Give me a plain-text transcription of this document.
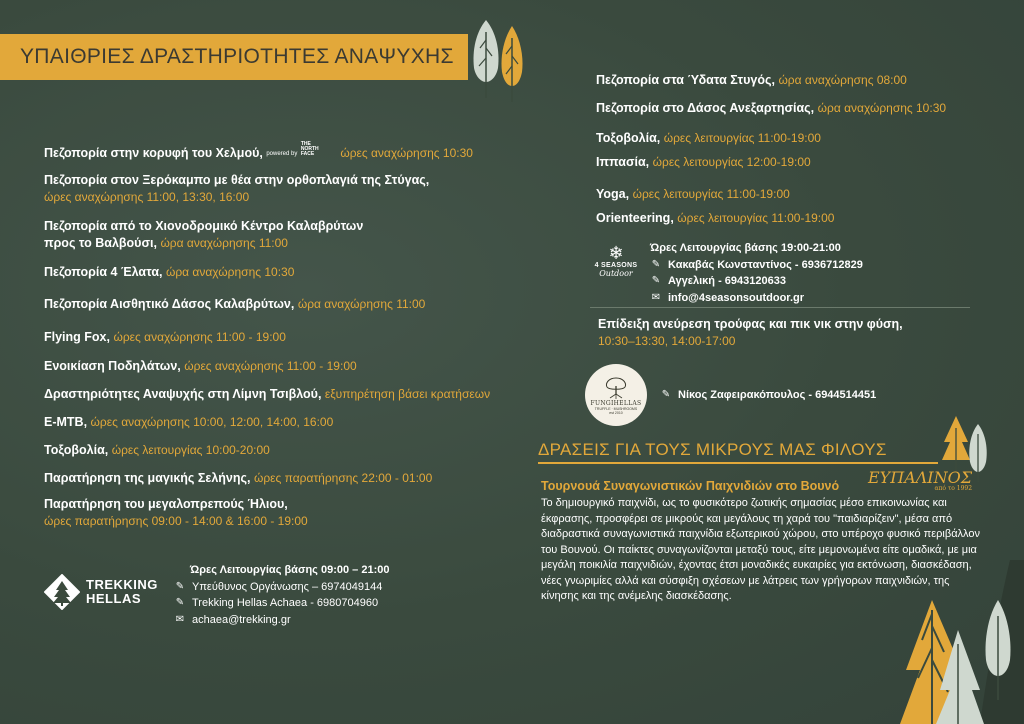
ΥΠΑΙΘΡΙΕΣ ΔΡΑΣΤΗΡΙΟΤΗΤΕΣ ΑΝΑΨΥΧΗΣ
Πεζοπορία στην κορυφή του Χελμού, powered by THE NORTH FACE ώρες αναχώρησης 10:30
Πεζοπορία στον Ξερόκαμπο με θέα στην ορθοπλαγιά της Στύγας,
ώρες αναχώρησης 11:00, 13:30, 16:00
Πεζοπορία από το Χιονοδρομικό Κέντρο Καλαβρύτων
προς το Βαλβούσι, ώρα αναχώρησης 11:00
Πεζοπορία 4 Έλατα, ώρα αναχώρησης 10:30
Πεζοπορία Αισθητικό Δάσος Καλαβρύτων, ώρα αναχώρησης 11:00
Flying Fox, ώρες αναχώρησης 11:00 - 19:00
Ενοικίαση Ποδηλάτων, ώρες αναχώρησης 11:00 - 19:00
Δραστηριότητες Αναψυχής στη Λίμνη Τσιβλού, εξυπηρέτηση βάσει κρατήσεων
E-MTB, ώρες αναχώρησης 10:00, 12:00, 14:00, 16:00
Τοξοβολία, ώρες λειτουργίας 10:00-20:00
Παρατήρηση της μαγικής Σελήνης, ώρες παρατήρησης 22:00 - 01:00
Παρατήρηση του μεγαλοπρεπούς Ήλιου,
ώρες παρατήρησης 09:00 - 14:00 & 16:00 - 19:00
TREKKING
HELLAS
Ώρες Λειτουργίας βάσης 09:00 – 21:00
✎ Υπεύθυνος Οργάνωσης – 6974049144
✎ Trekking Hellas Achaea - 6980704960
✉ achaea@trekking.gr
Πεζοπορία στα Ύδατα Στυγός, ώρα αναχώρησης 08:00
Πεζοπορία στο Δάσος Ανεξαρτησίας, ώρα αναχώρησης 10:30
Τοξοβολία, ώρες λειτουργίας 11:00-19:00
Ιππασία, ώρες λειτουργίας 12:00-19:00
Yoga, ώρες λειτουργίας 11:00-19:00
Orienteering, ώρες λειτουργίας 11:00-19:00
❄
4 SEASONS
Outdoor
Ώρες Λειτουργίας βάσης 19:00-21:00
✎ Κακαβάς Κωνσταντίνος - 6936712829
✎ Αγγελική - 6943120633
✉ info@4seasonsoutdoor.gr
Επίδειξη ανεύρεση τρούφας και πικ νικ στην φύση,
10:30–13:30, 14:00-17:00
FUNGIHELLAS
TRUFFLE · MUSHROOMS
est 2010
✎ Νίκος Ζαφειρακόπουλος - 6944514451
ΔΡΑΣΕΙΣ ΓΙΑ ΤΟΥΣ ΜΙΚΡΟΥΣ ΜΑΣ ΦΙΛΟΥΣ
Τουρνουά Συναγωνιστικών Παιχνιδιών στο Βουνό ΕΥΠΑΛΙΝΟΣ
από το 1992
Το δημιουργικό παιχνίδι, ως το φυσικότερο ζωτικής σημασίας μέσο επικοινωνίας και έκφρασης, προσφέρει σε μικρούς και μεγάλους τη χαρά του "παιδιαρίζειν", μέσα από διαδραστικά συναγωνιστικά παιχνίδια εξωτερικού χώρου, στο υπέροχο φυσικό περιβάλλον του Βουνού. Οι παίκτες συναγωνίζονται μεταξύ τους, είτε μεμονωμένα είτε ομαδικά, με μια μεγάλη ποικιλία παιχνιδιών, έχοντας έτσι μοναδικές ευκαιρίες για εκτόνωση, διασκέδαση, νέες γνωριμίες αλλά και σύσφιξη σχέσεων με λάτρεις των γρήγορων παιχνιδιών, της κίνησης και της ανέμελης διασκέδασης.
